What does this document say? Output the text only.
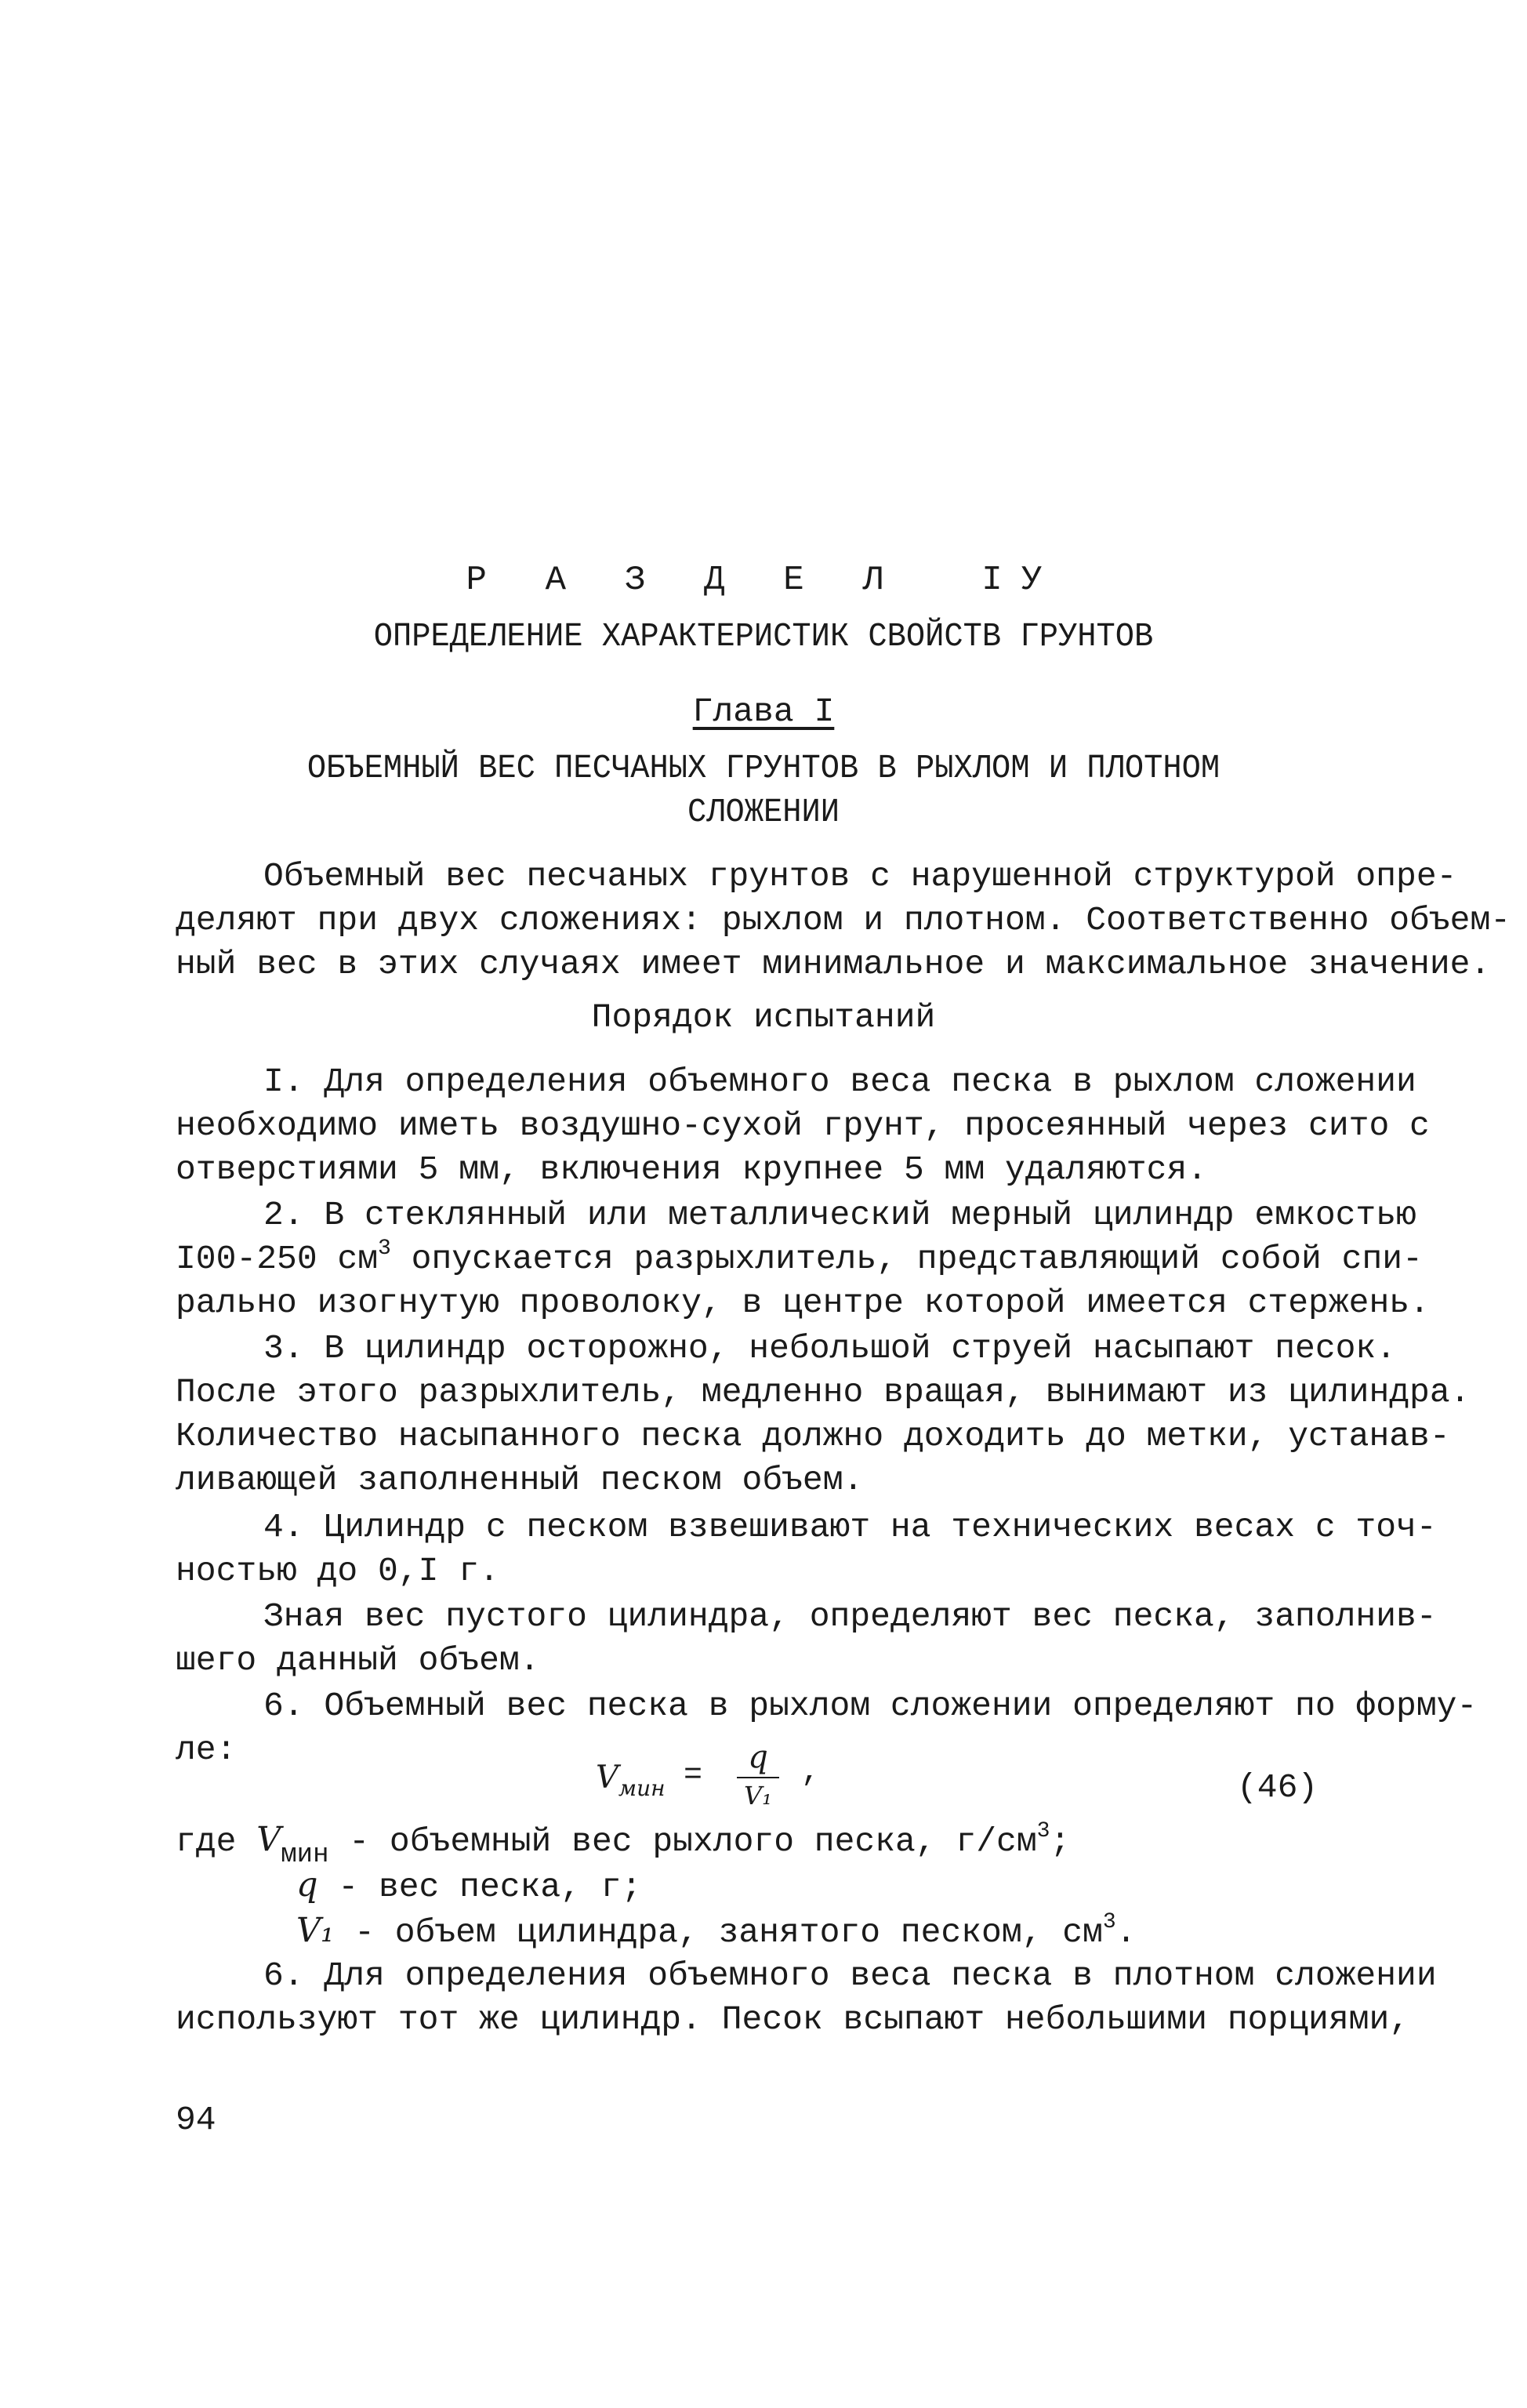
Р А З Д Е Л  IУ
ОПРЕДЕЛЕНИЕ ХАРАКТЕРИСТИК СВОЙСТВ ГРУНТОВ
Глава I
ОБЪЕМНЫЙ ВЕС ПЕСЧАНЫХ ГРУНТОВ В РЫХЛОМ И ПЛОТНОМ
СЛОЖЕНИИ
Объемный вес песчаных грунтов с нарушенной структурой опре-
деляют при двух сложениях: рыхлом и плотном. Соответственно объем-
ный вес в этих случаях имеет минимальное и максимальное значение.
Порядок испытаний
I. Для определения объемного веса песка в рыхлом сложении
необходимо иметь воздушно-сухой грунт, просеянный через сито с
отверстиями 5 мм, включения крупнее 5 мм удаляются.
2. В стеклянный или металлический мерный цилиндр емкостью
I00-250 $см^3$ опускается разрыхлитель, представляющий собой спи-
рально изогнутую проволоку, в центре которой имеется стержень.
3. В цилиндр осторожно, небольшой струей насыпают песок.
После этого разрыхлитель, медленно вращая, вынимают из цилиндра.
Количество насыпанного песка должно доходить до метки, устанав-
ливающей заполненный песком объем.
4. Цилиндр с песком взвешивают на технических весах с точ-
ностью до 0,I г.
Зная вес пустого цилиндра, определяют вес песка, заполнив-
шего данный объем.
6. Объемный вес песка в рыхлом сложении определяют по форму-
ле:
$V_{мин}$ =
q
V₁
,	(46)
где $V_{мин}$ - объемный вес рыхлого песка, $г/см^3$;
q - вес песка, г;
V₁ - объем цилиндра, занятого песком, $см^3$.
6. Для определения объемного веса песка в плотном сложении
используют тот же цилиндр. Песок всыпают небольшими порциями,
94
